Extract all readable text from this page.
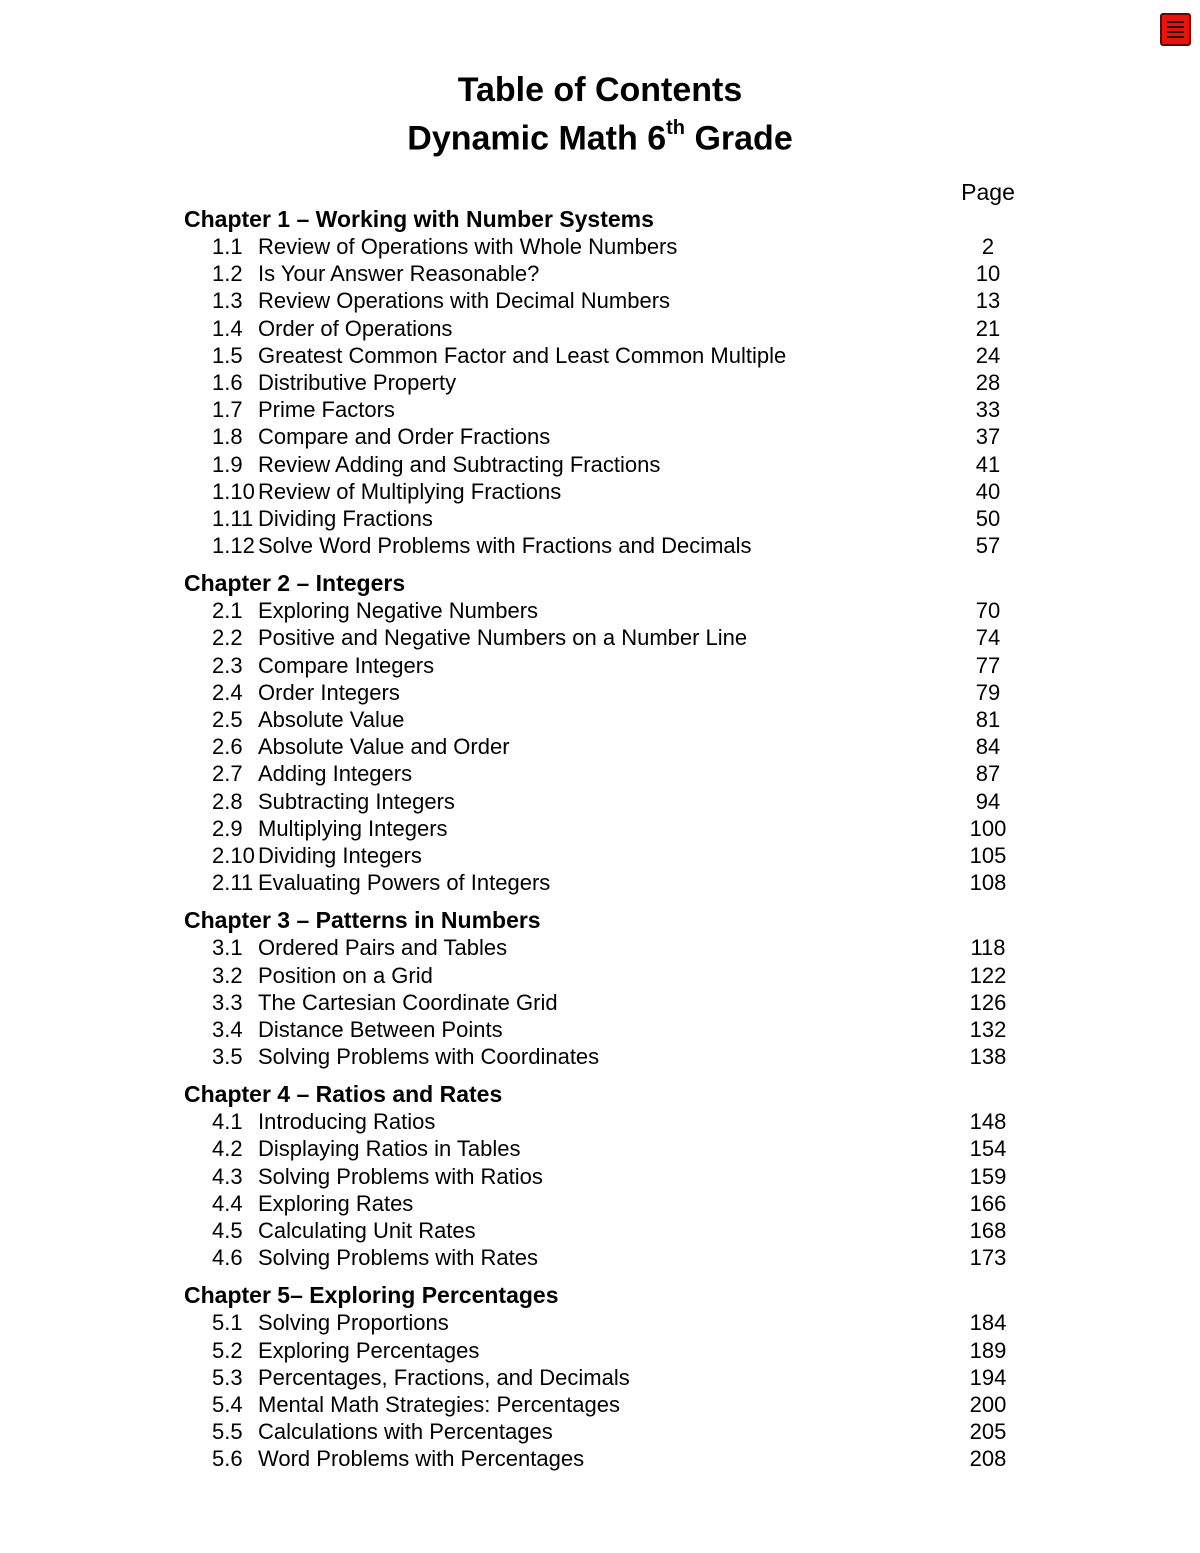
Table of Contents
Dynamic Math 6th Grade
Page
Chapter 1 – Working with Number Systems
1.1 Review of Operations with Whole Numbers	2
1.2 Is Your Answer Reasonable?	10
1.3 Review Operations with Decimal Numbers	13
1.4 Order of Operations	21
1.5 Greatest Common Factor and Least Common Multiple	24
1.6 Distributive Property	28
1.7 Prime Factors	33
1.8 Compare and Order Fractions	37
1.9 Review Adding and Subtracting Fractions	41
1.10 Review of Multiplying Fractions	40
1.11 Dividing Fractions	50
1.12 Solve Word Problems with Fractions and Decimals	57
Chapter 2 – Integers
2.1 Exploring Negative Numbers	70
2.2 Positive and Negative Numbers on a Number Line	74
2.3 Compare Integers	77
2.4 Order Integers	79
2.5 Absolute Value	81
2.6 Absolute Value and Order	84
2.7 Adding Integers	87
2.8 Subtracting Integers	94
2.9 Multiplying Integers	100
2.10 Dividing Integers	105
2.11 Evaluating Powers of Integers	108
Chapter 3 – Patterns in Numbers
3.1 Ordered Pairs and Tables	118
3.2 Position on a Grid	122
3.3 The Cartesian Coordinate Grid	126
3.4 Distance Between Points	132
3.5 Solving Problems with Coordinates	138
Chapter 4 – Ratios and Rates
4.1 Introducing Ratios	148
4.2 Displaying Ratios in Tables	154
4.3 Solving Problems with Ratios	159
4.4 Exploring Rates	166
4.5 Calculating Unit Rates	168
4.6 Solving Problems with Rates	173
Chapter 5– Exploring Percentages
5.1 Solving Proportions	184
5.2 Exploring Percentages	189
5.3 Percentages, Fractions, and Decimals	194
5.4 Mental Math Strategies: Percentages	200
5.5 Calculations with Percentages	205
5.6 Word Problems with Percentages	208
